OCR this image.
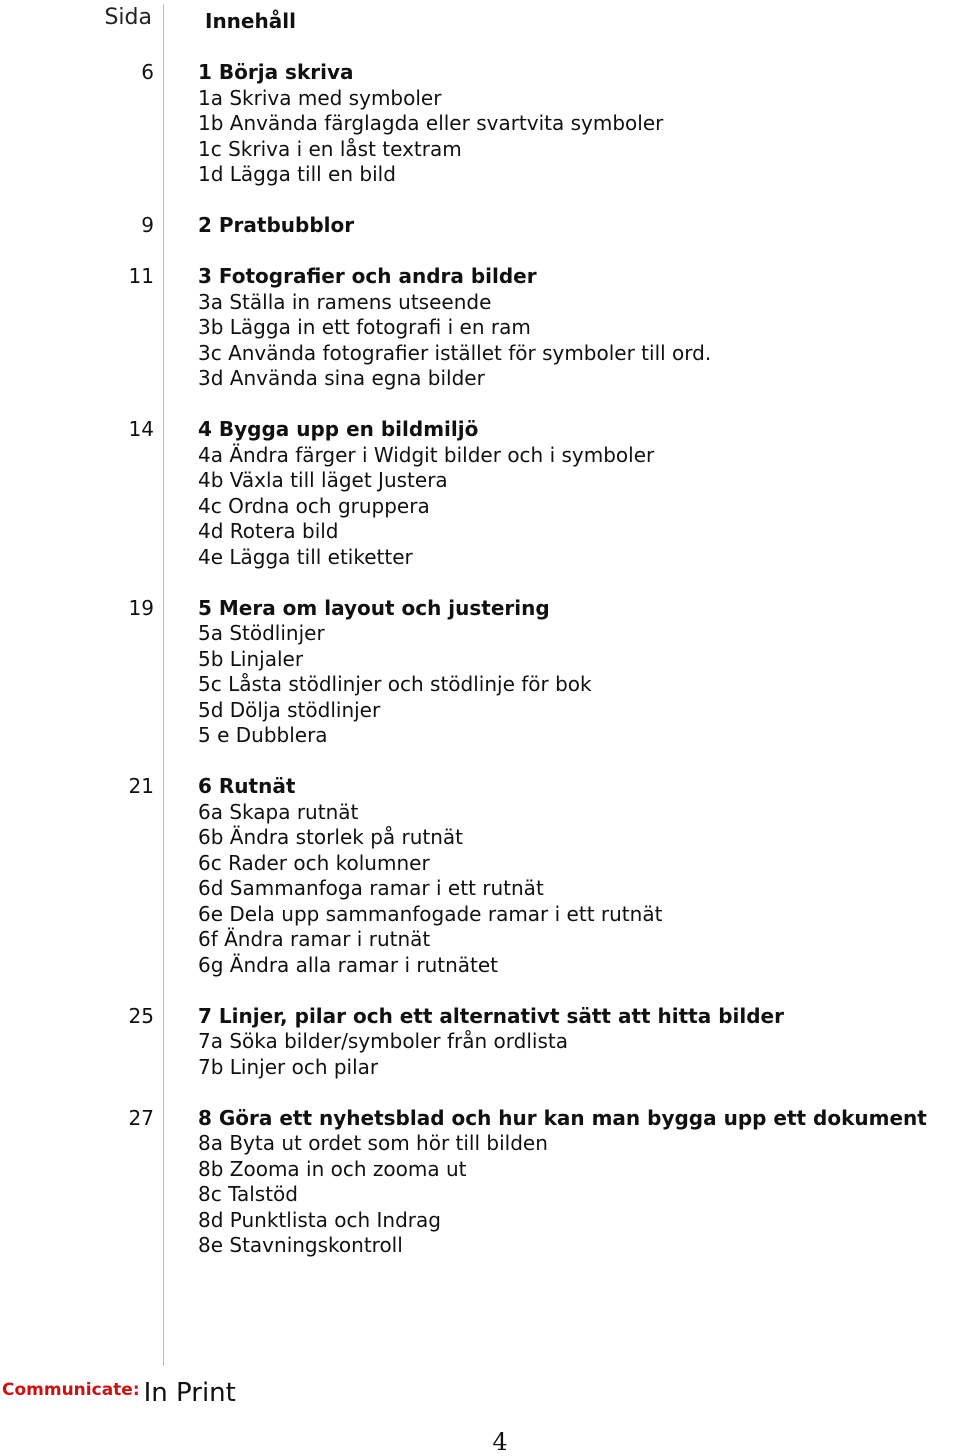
Sida	Innehåll
6 1 Börja skriva
1a Skriva med symboler
1b Använda färglagda eller svartvita symboler
1c Skriva i en låst textram
1d Lägga till en bild
9 2 Pratbubblor
11 3 Fotografier och andra bilder
3a Ställa in ramens utseende
3b Lägga in ett fotografi i en ram
3c Använda fotografier istället för symboler till ord.
3d Använda sina egna bilder
14 4 Bygga upp en bildmiljö
4a Ändra färger i Widgit bilder och i symboler
4b Växla till läget Justera
4c Ordna och gruppera
4d Rotera bild
4e Lägga till etiketter
19 5 Mera om layout och justering
5a Stödlinjer
5b Linjaler
5c Låsta stödlinjer och stödlinje för bok
5d Dölja stödlinjer
5 e Dubblera
21 6 Rutnät
6a Skapa rutnät
6b Ändra storlek på rutnät
6c Rader och kolumner
6d Sammanfoga ramar i ett rutnät
6e Dela upp sammanfogade ramar i ett rutnät
6f Ändra ramar i rutnät
6g Ändra alla ramar i rutnätet
25 7 Linjer, pilar och ett alternativt sätt att hitta bilder
7a Söka bilder/symboler från ordlista
7b Linjer och pilar
27 8 Göra ett nyhetsblad och hur kan man bygga upp ett dokument
8a Byta ut ordet som hör till bilden
8b Zooma in och zooma ut
8c Talstöd
8d Punktlista och Indrag
8e Stavningskontroll
Communicate: In Print
4
